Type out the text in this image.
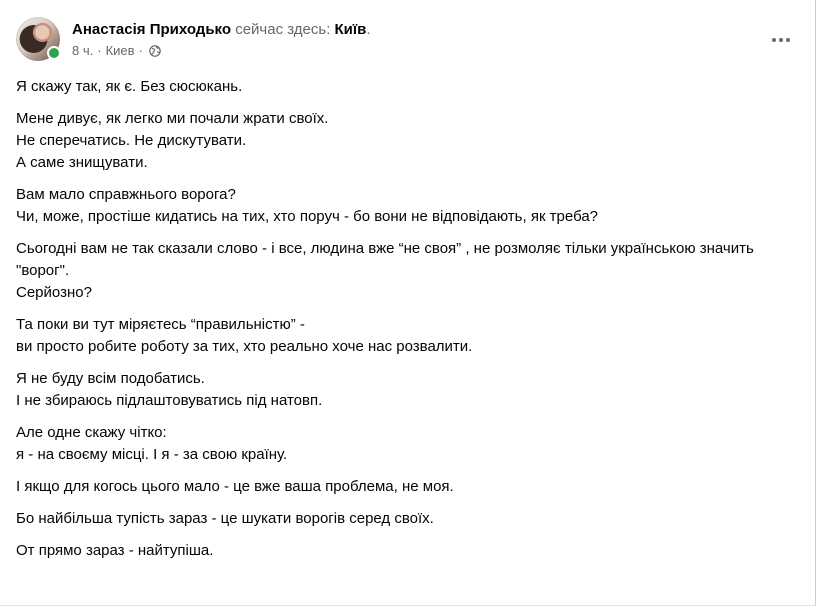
Анастасія Приходько сейчас здесь: Київ.
8 ч. · Киев ·
Я скажу так, як є. Без сюсюкань.
Мене дивує, як легко ми почали жрати своїх.
Не сперечатись. Не дискутувати.
А саме знищувати.
Вам мало справжнього ворога?
Чи, може, простіше кидатись на тих, хто поруч - бо вони не відповідають, як треба?
Сьогодні вам не так сказали слово - і все, людина вже “не своя” , не розмоляє тільки українською значить "ворог".
Серйозно?
Та поки ви тут міряєтесь “правильністю” -
ви просто робите роботу за тих, хто реально хоче нас розвалити.
Я не буду всім подобатись.
І не збираюсь підлаштовуватись під натовп.
Але одне скажу чітко:
я - на своєму місці. І я - за свою країну.
І якщо для когось цього мало - це вже ваша проблема, не моя.
Бо найбільша тупість зараз - це шукати ворогів серед своїх.
От прямо зараз - найтупіша.
